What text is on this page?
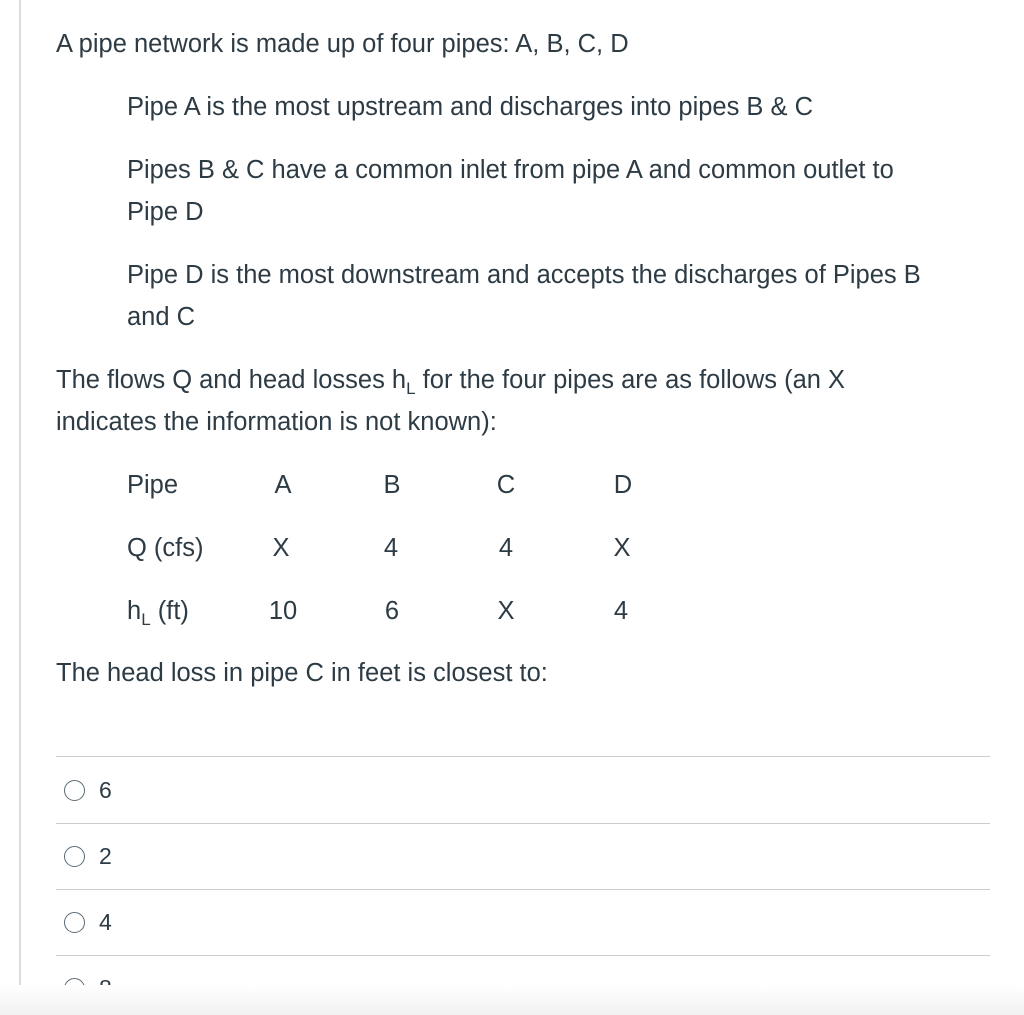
A pipe network is made up of four pipes: A, B, C, D
Pipe A is the most upstream and discharges into pipes B & C
Pipes B & C have a common inlet from pipe A and common outlet to
Pipe D
Pipe D is the most downstream and accepts the discharges of Pipes B
and C
The flows Q and head losses $h_L$ for the four pipes are as follows (an X
indicates the information is not known):
Pipe	A	B	C	D
Q (cfs)	X	4	4	X
$h_L$ (ft)	10	6	X	4
The head loss in pipe C in feet is closest to:
6
2
4
